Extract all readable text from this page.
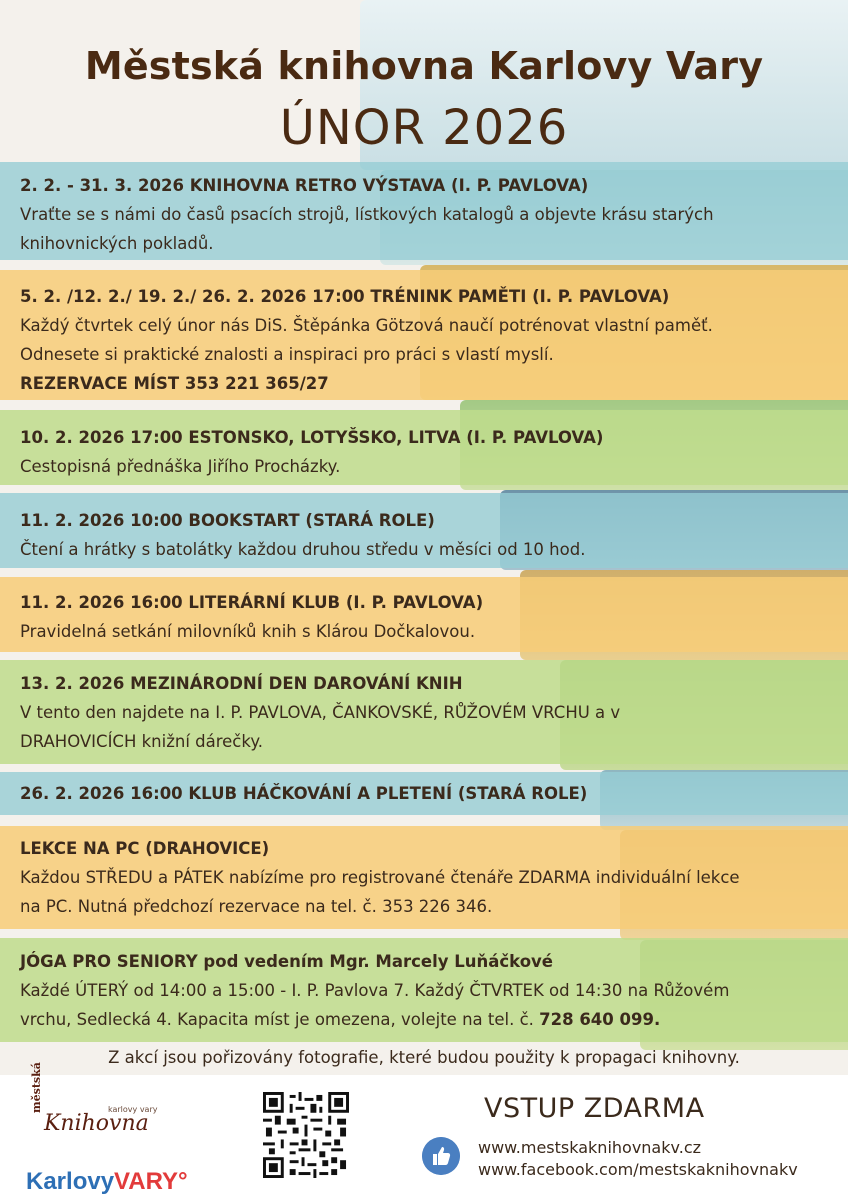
Městská knihovna Karlovy Vary
ÚNOR 2026
2. 2. - 31. 3. 2026 KNIHOVNA RETRO VÝSTAVA (I. P. PAVLOVA)
Vraťte se s námi do časů psacích strojů, lístkových katalogů a objevte krásu starých
knihovnických pokladů.
5. 2. /12. 2./ 19. 2./ 26. 2. 2026 17:00 TRÉNINK PAMĚTI (I. P. PAVLOVA)
Každý čtvrtek celý únor nás DiS. Štěpánka Götzová naučí potrénovat vlastní paměť.
Odnesete si praktické znalosti a inspiraci pro práci s vlastí myslí.
REZERVACE MÍST 353 221 365/27
10. 2. 2026 17:00 ESTONSKO, LOTYŠSKO, LITVA (I. P. PAVLOVA)
Cestopisná přednáška Jiřího Procházky.
11. 2. 2026 10:00 BOOKSTART (STARÁ ROLE)
Čtení a hrátky s batolátky každou druhou středu v měsíci od 10 hod.
11. 2. 2026 16:00 LITERÁRNÍ KLUB (I. P. PAVLOVA)
Pravidelná setkání milovníků knih s Klárou Dočkalovou.
13. 2. 2026 MEZINÁRODNÍ DEN DAROVÁNÍ KNIH
V tento den najdete na I. P. PAVLOVA, ČANKOVSKÉ, RŮŽOVÉM VRCHU a v
DRAHOVICÍCH knižní dárečky.
26. 2. 2026 16:00 KLUB HÁČKOVÁNÍ A PLETENÍ (STARÁ ROLE)
LEKCE NA PC (DRAHOVICE)
Každou STŘEDU a PÁTEK nabízíme pro registrované čtenáře ZDARMA individuální lekce
na PC. Nutná předchozí rezervace na tel. č. 353 226 346.
JÓGA PRO SENIORY pod vedením Mgr. Marcely Luňáčkové
Každé ÚTERÝ od 14:00 a 15:00 - I. P. Pavlova 7. Každý ČTVRTEK od 14:30 na Růžovém
vrchu, Sedlecká 4. Kapacita míst je omezena, volejte na tel. č. 728 640 099.
Z akcí jsou pořizovány fotografie, které budou použity k propagaci knihovny.
městská	karlovy vary
Knihovna
KarlovyVARY°
VSTUP ZDARMA
www.mestskaknihovnakv.cz
www.facebook.com/mestskaknihovnakv
